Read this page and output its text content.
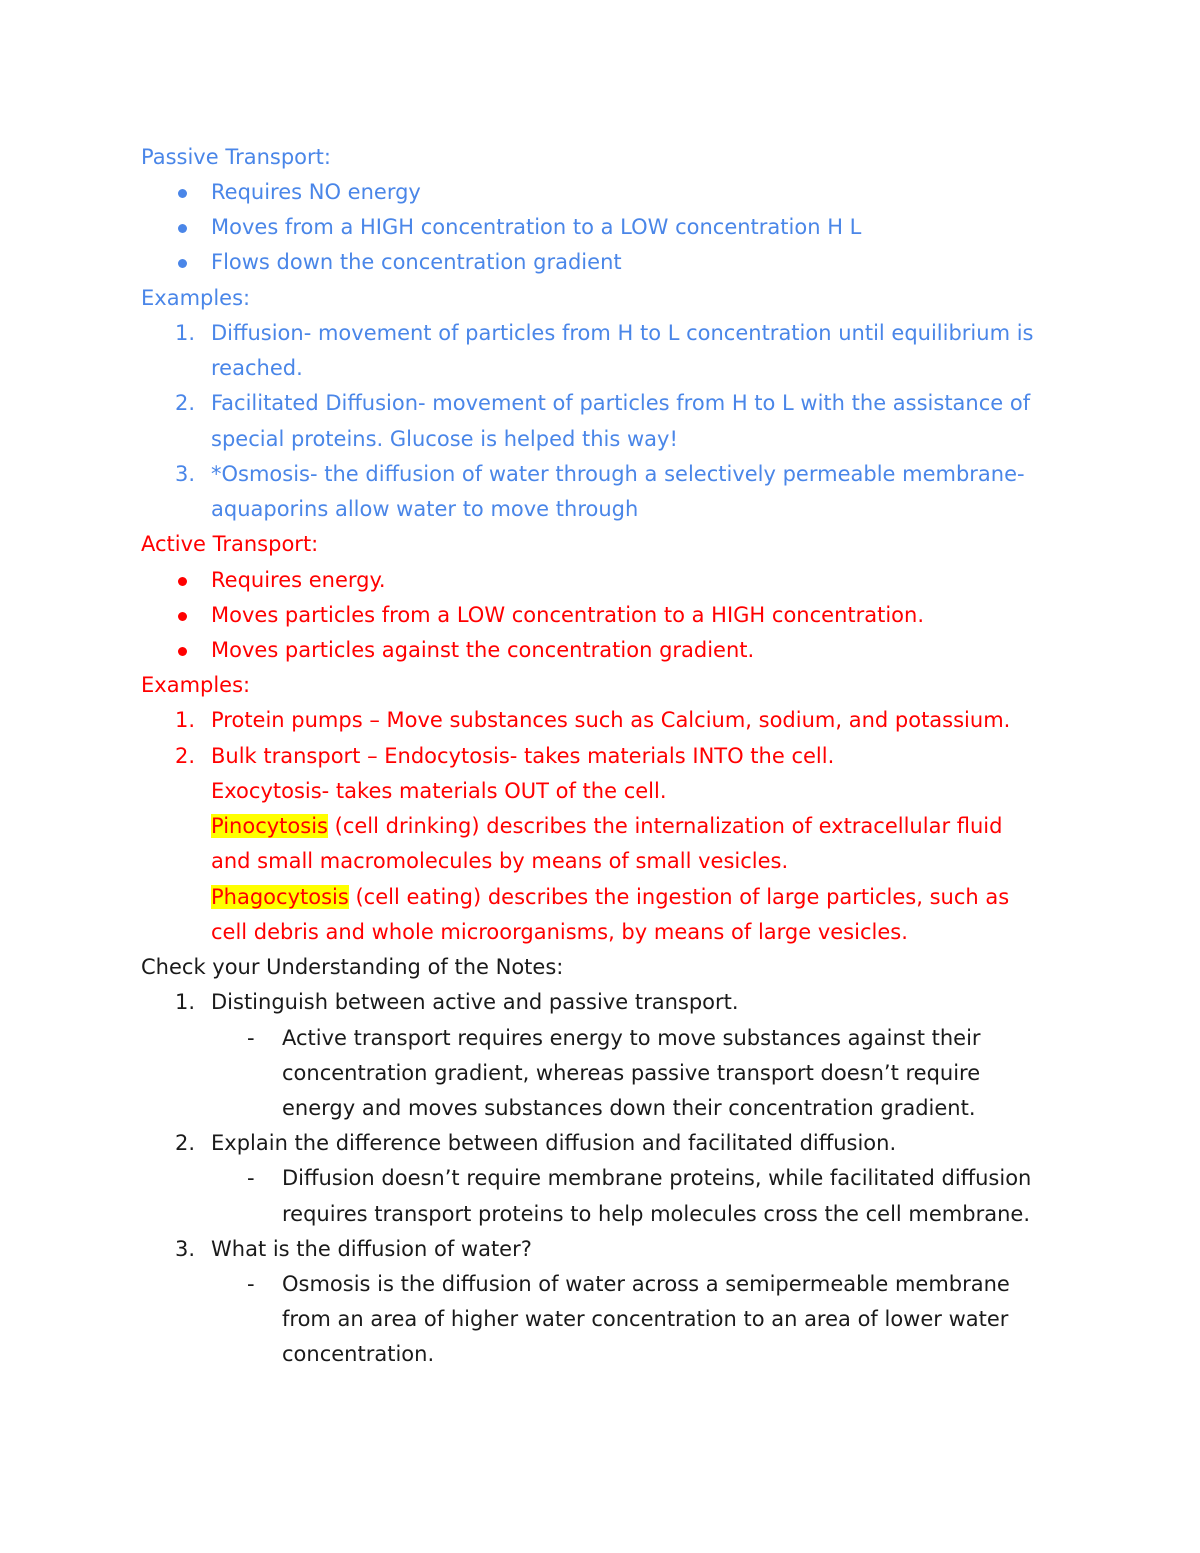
Passive Transport:
Requires NO energy
Moves from a HIGH concentration to a LOW concentration H L
Flows down the concentration gradient
Examples:
1. Diffusion- movement of particles from H to L concentration until equilibrium is
reached.
2. Facilitated Diffusion- movement of particles from H to L with the assistance of
special proteins. Glucose is helped this way!
3. *Osmosis- the diffusion of water through a selectively permeable membrane-
aquaporins allow water to move through
Active Transport:
Requires energy.
Moves particles from a LOW concentration to a HIGH concentration.
Moves particles against the concentration gradient.
Examples:
1. Protein pumps – Move substances such as Calcium, sodium, and potassium.
2. Bulk transport – Endocytosis- takes materials INTO the cell.
Exocytosis- takes materials OUT of the cell.
Pinocytosis (cell drinking) describes the internalization of extracellular fluid
and small macromolecules by means of small vesicles.
Phagocytosis (cell eating) describes the ingestion of large particles, such as
cell debris and whole microorganisms, by means of large vesicles.
Check your Understanding of the Notes:
1. Distinguish between active and passive transport.
- Active transport requires energy to move substances against their
concentration gradient, whereas passive transport doesn’t require
energy and moves substances down their concentration gradient.
2. Explain the difference between diffusion and facilitated diffusion.
- Diffusion doesn’t require membrane proteins, while facilitated diffusion
requires transport proteins to help molecules cross the cell membrane.
3. What is the diffusion of water?
- Osmosis is the diffusion of water across a semipermeable membrane
from an area of higher water concentration to an area of lower water
concentration.
